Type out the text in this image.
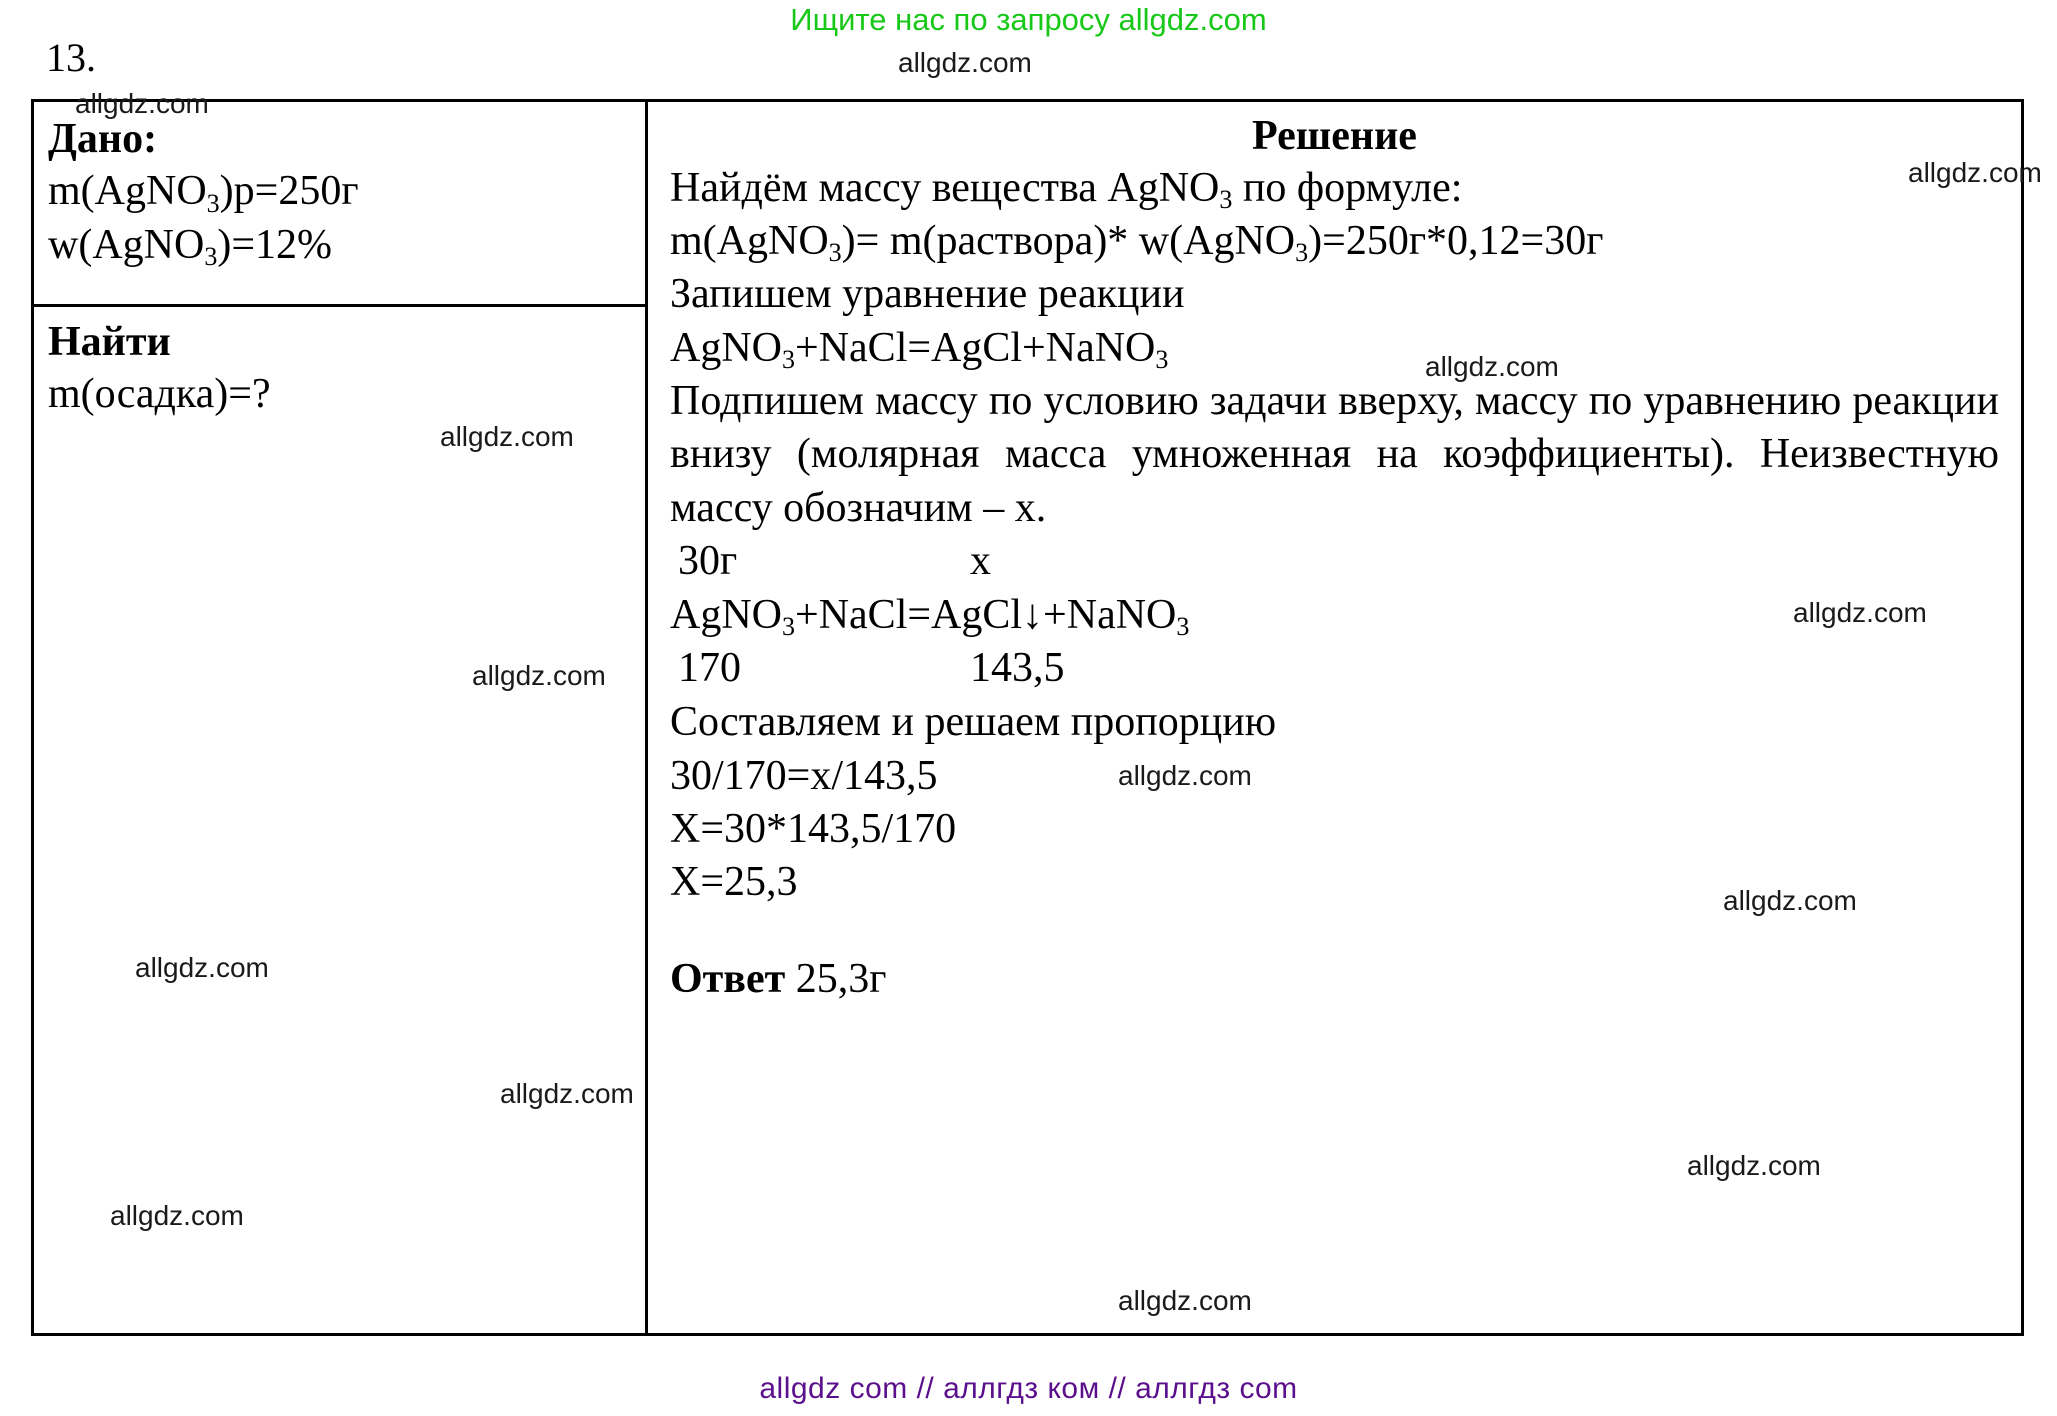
Ищите нас по запросу allgdz.com
13.
Дано:
m(AgNO$_3$)p=250г
w(AgNO$_3$)=12%
Найти
m(осадка)=?
Решение
Найдём массу вещества AgNO$_3$ по формуле:
m(AgNO$_3$)= m(раствора)* w(AgNO$_3$)=250г*0,12=30г
Запишем уравнение реакции
AgNO$_3$+NaCl=AgCl+NaNO$_3$
Подпишем массу по условию задачи вверху, массу по уравнению реакции внизу (молярная масса умноженная на коэффициенты). Неизвестную массу обозначим – х.
30г	x
AgNO$_3$+NaCl=AgCl↓+NaNO$_3$
170	143,5
Составляем и решаем пропорцию
30/170=x/143,5
X=30*143,5/170
X=25,3
Ответ 25,3г
allgdz.com
allgdz.com
allgdz.com
allgdz.com
allgdz.com
allgdz.com
allgdz.com
allgdz.com
allgdz.com
allgdz.com
allgdz.com
allgdz.com
allgdz.com
allgdz.com
allgdz com // аллгдз ком // аллгдз com
